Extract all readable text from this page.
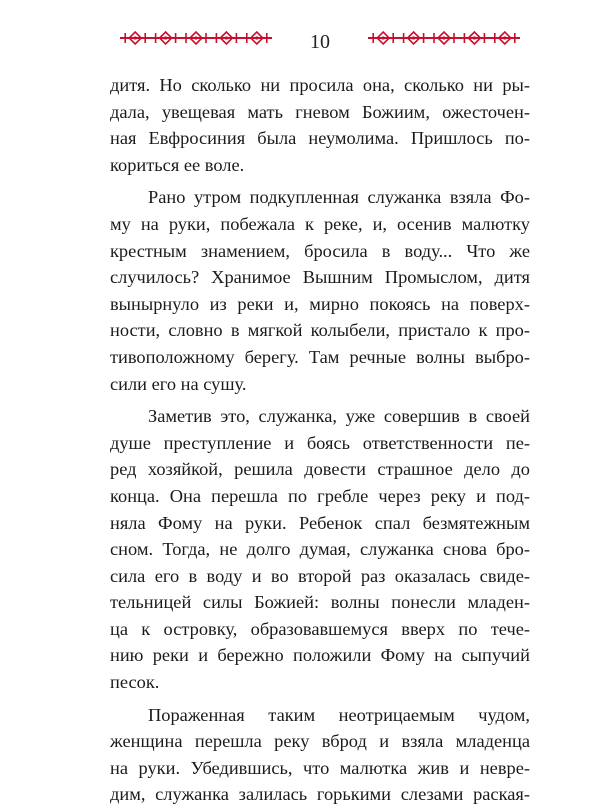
10
дитя. Но сколько ни просила она, сколько ни ры-
дала, увещевая мать гневом Божиим, ожесточен-
ная Евфросиния была неумолима. Пришлось по-
кориться ее воле.
Рано утром подкупленная служанка взяла Фо-
му на руки, побежала к реке, и, осенив малютку
крестным знамением, бросила в воду... Что же
случилось? Хранимое Вышним Промыслом, дитя
вынырнуло из реки и, мирно покоясь на поверх-
ности, словно в мягкой колыбели, пристало к про-
тивоположному берегу. Там речные волны выбро-
сили его на сушу.
Заметив это, служанка, уже совершив в своей
душе преступление и боясь ответственности пе-
ред хозяйкой, решила довести страшное дело до
конца. Она перешла по гребле через реку и под-
няла Фому на руки. Ребенок спал безмятежным
сном. Тогда, не долго думая, служанка снова бро-
сила его в воду и во второй раз оказалась свиде-
тельницей силы Божией: волны понесли младен-
ца к островку, образовавшемуся вверх по тече-
нию реки и бережно положили Фому на сыпучий
песок.
Пораженная таким неотрицаемым чудом,
женщина перешла реку вброд и взяла младенца
на руки. Убедившись, что малютка жив и невре-
дим, служанка залилась горькими слезами раская-
